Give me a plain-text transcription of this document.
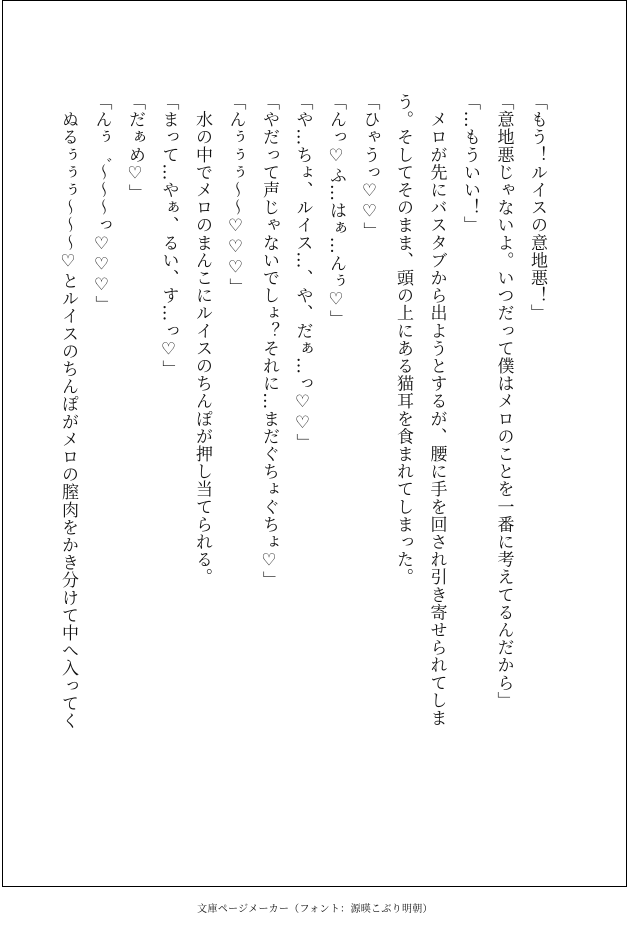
「もう！ルイスの意地悪！」

「意地悪じゃないよ。いつだって僕はメロのことを一番に考えてるんだから」

「…もういい！」

　メロが先にバスタブから出ようとするが、腰に手を回され引き寄せられてしま

う。そしてそのまま、頭の上にある猫耳を食まれてしまった。

「ひゃうっ♡♡」

「んっ♡ふ…はぁ…んぅ♡」

「や…ちょ、ルイス…、や、だぁ…っ♡♡」

「やだって声じゃないでしょ？それに…まだぐちょぐちょ♡」

「んぅぅぅ〜〜♡♡♡」

　水の中でメロのまんこにルイスのちんぽが押し当てられる。

「まって…やぁ、るい、す…っ♡」

「だぁめ♡」

「んぅ゛〜〜〜っ♡♡♡」

　ぬるぅぅぅ〜〜〜♡とルイスのちんぽがメロの膣肉をかき分けて中へ入ってく

文庫ページメーカー（フォント：源暎こぶり明朝）
